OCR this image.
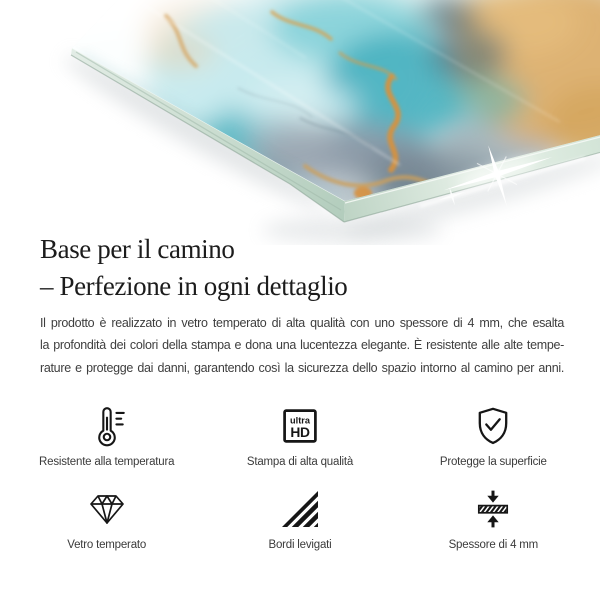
Base per il camino
– Perfezione in ogni dettaglio

Il prodotto è realizzato in vetro temperato di alta qualità con uno spessore di 4 mm, che esalta

la profondità dei colori della stampa e dona una lucentezza elegante. È resistente alle alte tempe-

rature e protegge dai danni, garantendo così la sicurezza dello spazio intorno al camino per anni.

Resistente alla temperatura
ultra
HD
Stampa di alta qualità	Protegge la superficie
Vetro temperato	Bordi levigati	Spessore di 4 mm
